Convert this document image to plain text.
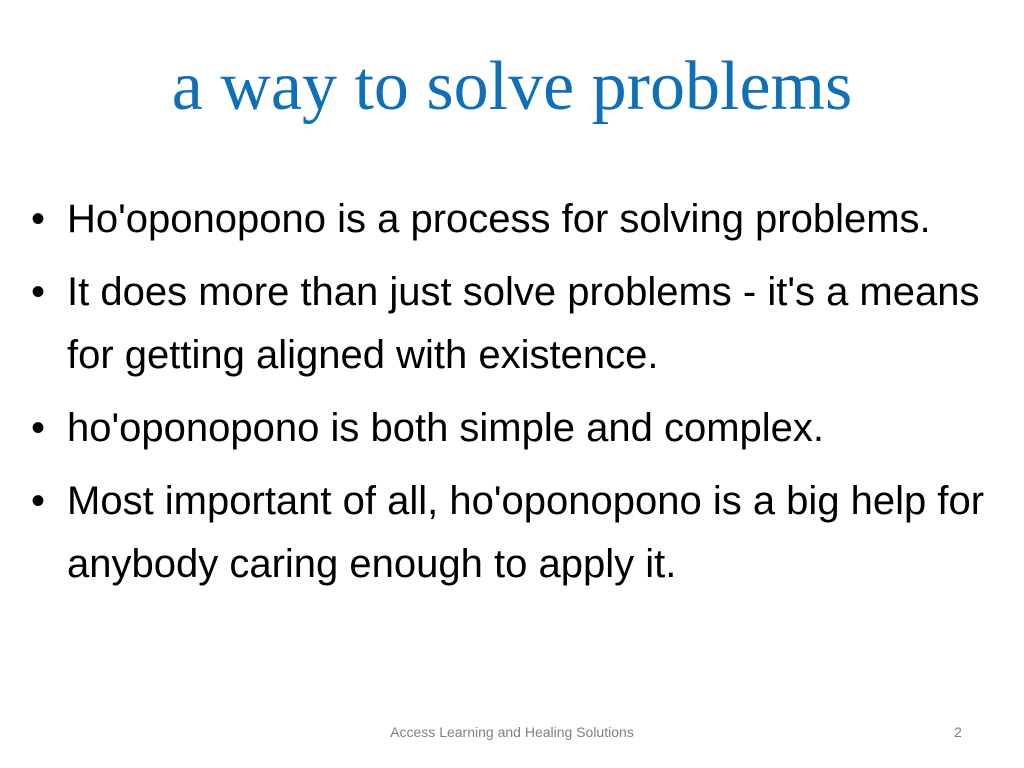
a way to solve problems
• Ho'oponopono is a process for solving problems.
• It does more than just solve problems - it's a means for getting aligned with existence.
• ho'oponopono is both simple and complex.
• Most important of all, ho'oponopono is a big help for anybody caring enough to apply it.
Access Learning and Healing Solutions	2
